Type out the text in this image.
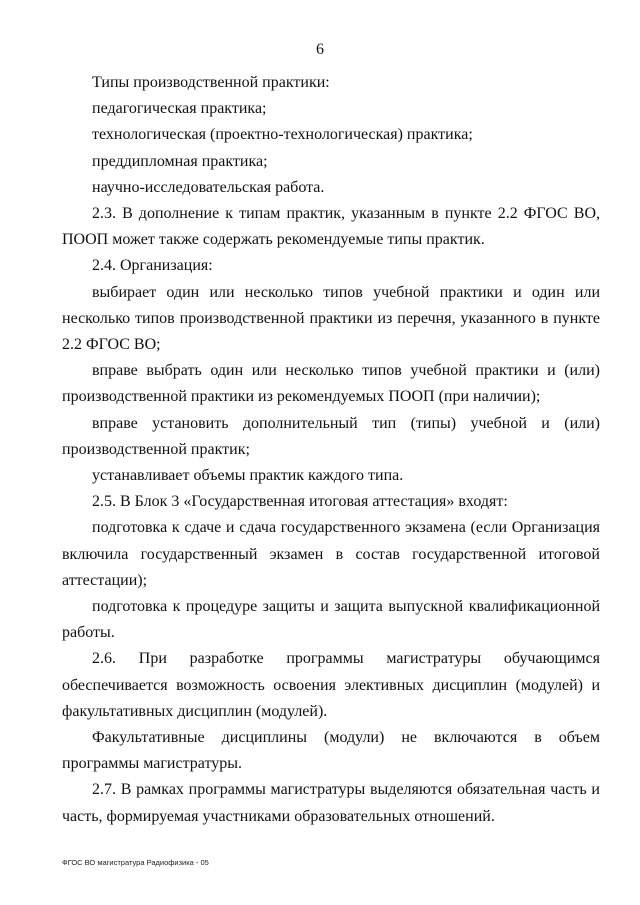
6

Типы производственной практики:

педагогическая практика;

технологическая (проектно-технологическая) практика;

преддипломная практика;

научно-исследовательская работа.

2.3. В дополнение к типам практик, указанным в пункте 2.2 ФГОС ВО, ПООП может также содержать рекомендуемые типы практик.

2.4. Организация:

выбирает один или несколько типов учебной практики и один или несколько типов производственной практики из перечня, указанного в пункте 2.2 ФГОС ВО;

вправе выбрать один или несколько типов учебной практики и (или) производственной практики из рекомендуемых ПООП (при наличии);

вправе установить дополнительный тип (типы) учебной и (или) производственной практик;

устанавливает объемы практик каждого типа.

2.5. В Блок 3 «Государственная итоговая аттестация» входят:

подготовка к сдаче и сдача государственного экзамена (если Организация включила государственный экзамен в состав государственной итоговой аттестации);

подготовка к процедуре защиты и защита выпускной квалификационной работы.

2.6. При разработке программы магистратуры обучающимся обеспечивается возможность освоения элективных дисциплин (модулей) и факультативных дисциплин (модулей).

Факультативные дисциплины (модули) не включаются в объем программы магистратуры.

2.7. В рамках программы магистратуры выделяются обязательная часть и часть, формируемая участниками образовательных отношений.

ФГОС ВО магистратура Радиофизика - 05
